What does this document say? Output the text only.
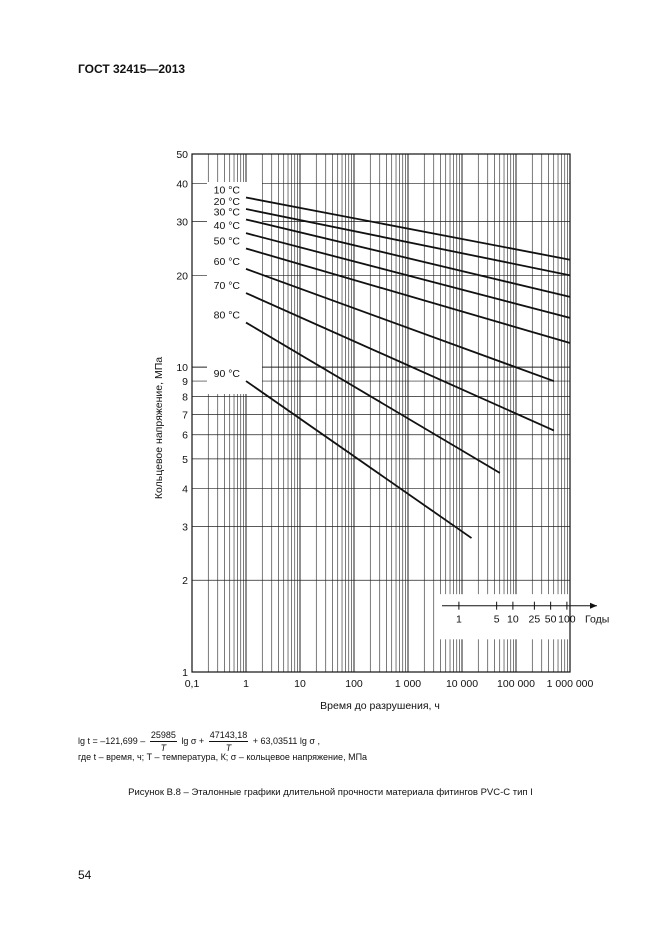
ГОСТ 32415—2013
1	5 10 25 50 100 Годы
10 °C
20 °C
30 °C
40 °C
50 °C
60 °C
70 °C
80 °C
90 °C
0,1	1	10	100	1 000 10 000 100 000 1 000 000
1
2
3
4
5
6
7
8
9
10
20
30
40
50
Время до разрушения, ч
Кольцевое напряжение, МПа
$\lg t = -121,699 - \frac{25985}{T}$ $\lg \sigma + \frac{47143,18}{T} + 63,03511$ lg σ ,
где t – время, ч; T – температура, К; σ – кольцевое напряжение, МПа
Рисунок В.8 – Эталонные графики длительной прочности материала фитингов PVC-C тип I
54
